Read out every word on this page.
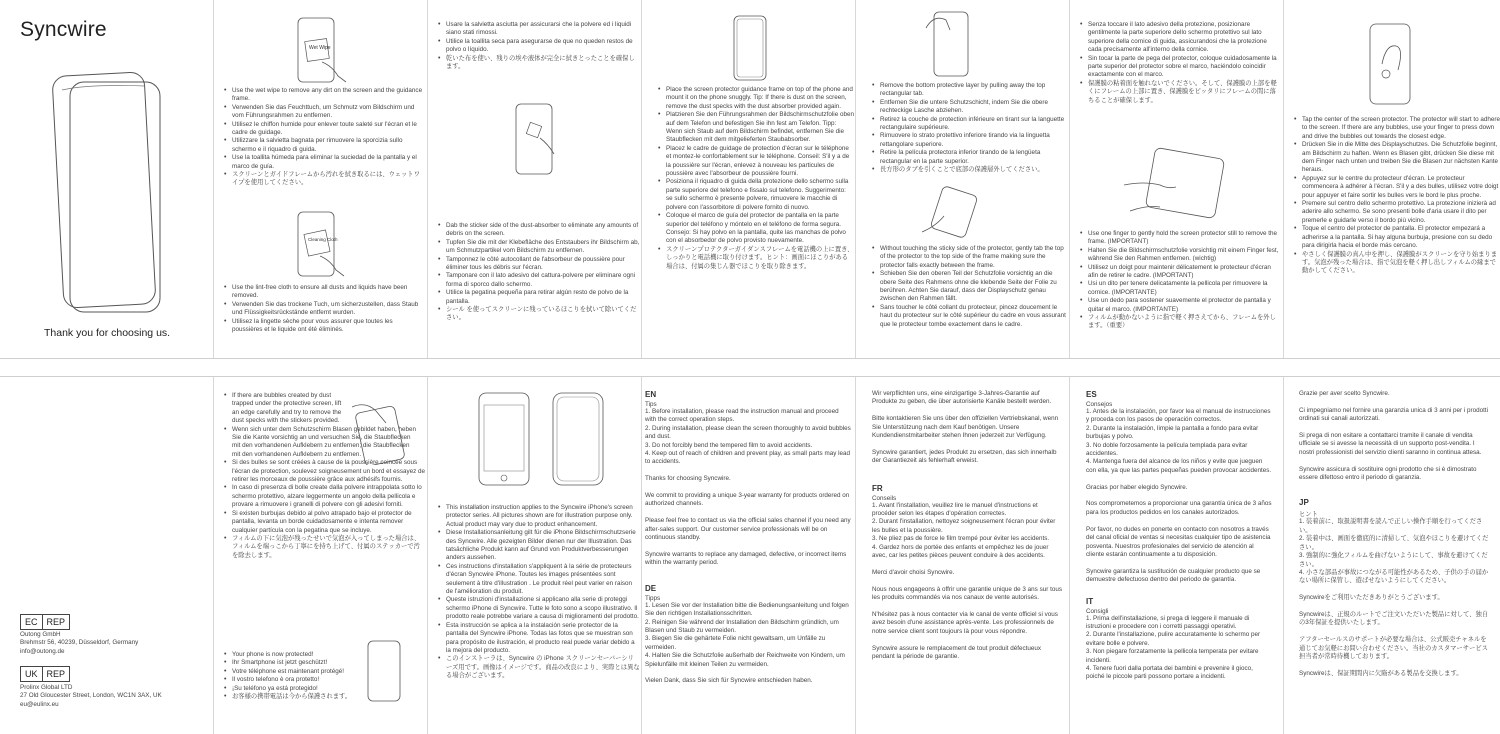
Syncwire
Thank you for choosing us.
Wet Wipe
• Use the wet wipe to remove any dirt on the screen and the guidance frame.
• Verwenden Sie das Feuchttuch, um Schmutz vom Bildschirm und vom Führungsrahmen zu entfernen.
• Utilisez le chiffon humide pour enlever toute saleté sur l'écran et le cadre de guidage.
• Utilizzare la salvietta bagnata per rimuovere la sporcizia sullo schermo e il riquadro di guida.
• Use la toallita húmeda para eliminar la suciedad de la pantalla y el marco de guía.
• スクリーンとガイドフレームから汚れを拭き取るには、ウェットワイプを使用してください。
Cleaning Cloth
• Use the lint-free cloth to ensure all dusts and liquids have been removed.
• Verwenden Sie das trockene Tuch, um sicherzustellen, dass Staub und Flüssigkeitsrückstände entfernt wurden.
• Utilisez la lingette sèche pour vous assurer que toutes les poussières et le liquide ont été éliminés.
• Usare la salvietta asciutta per assicurarsi che la polvere ed i liquidi siano stati rimossi.
• Utilice la toallita seca para asegurarse de que no queden restos de polvo o líquido.
• 乾いた布を使い、残りの埃や液体が完全に拭きとったことを確保します。
• Dab the sticker side of the dust-absorber to eliminate any amounts of debris on the screen.
• Tupfen Sie die mit der Klebefläche des Entstaubers ihr Bildschirm ab, um Schmutzpartikel vom Bildschirm zu entfernen.
• Tamponnez le côté autocollant de l'absorbeur de poussière pour éliminer tous les débris sur l'écran.
• Tamponare con il lato adesivo del cattura-polvere per eliminare ogni forma di sporco dallo schermo.
• Utilice la pegatina pequeña para retirar algún resto de polvo de la pantalla.
• シール を使ってスクリーンに残っているほこりを拭いて除いてください。
• Place the screen protector guidance frame on top of the phone and mount it on the phone snuggly. Tip: If there is dust on the screen, remove the dust specks with the dust absorber provided again.
• Platzieren Sie den Führungsrahmen der Bildschirmschutzfolie oben auf dem Telefon und befestigen Sie ihn fest am Telefon. Tipp: Wenn sich Staub auf dem Bildschirm befindet, entfernen Sie die Staubflecken mit dem mitgelieferten Staubabsorber.
• Placez le cadre de guidage de protection d'écran sur le téléphone et montez-le confortablement sur le téléphone. Conseil: S'il y a de la poussière sur l'écran, enlevez à nouveau les particules de poussière avec l'absorbeur de poussière fourni.
• Posiziona il riquadro di guida della protezione dello schermo sulla parte superiore del telefono e fissalo sul telefono. Suggerimento: se sullo schermo è presente polvere, rimuovere le macchie di polvere con l'assorbitore di polvere fornito di nuovo.
• Coloque el marco de guía del protector de pantalla en la parte superior del teléfono y móntelo en el teléfono de forma segura. Consejo: Si hay polvo en la pantalla, quite las manchas de polvo con el absorbedor de polvo provisto nuevamente.
• スクリーンプロテクターガイダンスフレームを電話機の上に置き、しっかりと電話機に取り付けます。ヒント：画面にほこりがある場合は、付属の集じん器でほこりを取り除きます。
• Remove the bottom protective layer by pulling away the top rectangular tab.
• Entfernen Sie die untere Schutzschicht, indem Sie die obere rechteckige Lasche abziehen.
• Retirez la couche de protection inférieure en tirant sur la languette rectangulaire supérieure.
• Rimuovere lo strato protettivo inferiore tirando via la linguetta rettangolare superiore.
• Retire la película protectora inferior tirando de la lengüeta rectangular en la parte superior.
• 長方形のタブを引くことで底部の保護層外してください。
• Without touching the sticky side of the protector, gently tab the top of the protector to the top side of the frame making sure the protector falls exactly between the frame.
• Schieben Sie den oberen Teil der Schutzfolie vorsichtig an die obere Seite des Rahmens ohne die klebende Seite der Folie zu berühren. Achten Sie darauf, dass der Displayschutz genau zwischen den Rahmen fällt.
• Sans toucher le côté collant du protecteur, pincez doucement le haut du protecteur sur le côté supérieur du cadre en vous assurant que le protecteur tombe exactement dans le cadre.
• Senza toccare il lato adesivo della protezione, posizionare gentilmente la parte superiore dello schermo protettivo sul lato superiore della cornice di guida, assicurandosi che la protezione cada precisamente all'interno della cornice.
• Sin tocar la parte de pega del protector, coloque cuidadosamente la parte superior del protector sobre el marco, haciéndolo coincidir exactamente con el marco.
• 保護膜の粘着面を触れないでください。そして、保護膜の上部を軽くにフレームの上部に置き、保護膜をピッタリにフレームの間に落ちることが確保します。
• Use one finger to gently hold the screen protector still to remove the frame. (IMPORTANT)
• Halten Sie die Bildschirmschutzfolie vorsichtig mit einem Finger fest, während Sie den Rahmen entfernen. (wichtig)
• Utilisez un doigt pour maintenir délicatement le protecteur d'écran afin de retirer le cadre. (IMPORTANT)
• Usi un dito per tenere delicatamente la pellicola per rimuovere la cornice. (IMPORTANTE)
• Use un dedo para sostener suavemente el protector de pantalla y quitar el marco. (IMPORTANTE)
• フィルムが動かないように指で軽く押さえてから、フレームを外します。（重要）
• Tap the center of the screen protector. The protector will start to adhere to the screen. If there are any bubbles, use your finger to press down and drive the bubbles out towards the closest edge.
• Drücken Sie in die Mitte des Displayschutzes. Die Schutzfolie beginnt, am Bildschirm zu haften. Wenn es Blasen gibt, drücken Sie diese mit dem Finger nach unten und treiben Sie die Blasen zur nächsten Kante heraus.
• Appuyez sur le centre du protecteur d'écran. Le protecteur commencera à adhérer à l'écran. S'il y a des bulles, utilisez votre doigt pour appuyer et faire sortir les bulles vers le bord le plus proche.
• Premere sul centro dello schermo protettivo. La protezione inizierà ad aderire allo schermo. Se sono presenti bolle d'aria usare il dito per premerle e guidarle verso il bordo più vicino.
• Toque el centro del protector de pantalla. El protector empezará a adherirse a la pantalla. Si hay alguna burbuja, presione con su dedo para dirigirla hacia el borde más cercano.
• やさしく保護膜の真ん中を押し、保護膜がスクリーンを守り始まります。気泡が残った場合は、指で気泡を軽く押し出しフィルムの縁まで動かしてください。
EC REP
Outong GmbH
Brehmstr 56, 40239, Düsseldorf, Germany
info@outong.de
UK REP
Prolinx Global LTD
27 Old Gloucester Street, London, WC1N 3AX, UK
eu@eulinx.eu
• If there are bubbles created by dust trapped under the protective screen, lift an edge carefully and try to remove the dust specks with the stickers provided.
• Wenn sich unter dem Schutzschirm Blasen gebildet haben, heben Sie die Kante vorsichtig an und versuchen Sie, die Staubflecken mit den vorhandenen Aufklebern zu entfernen; die Staubflecken mit den vorhandenen Aufklebern zu entfernen.
• Si des bulles se sont créées à cause de la poussière coincée sous l'écran de protection, soulevez soigneusement un bord et essayez de retirer les morceaux de poussière grâce aux adhésifs fournis.
• In caso di presenza di bolle create dalla polvere intrappolata sotto lo schermo protettivo, alzare leggermente un angolo della pellicola e provare a rimuovere i granelli di polvere con gli adesivi forniti.
• Si existen burbujas debido al polvo atrapado bajo el protector de pantalla, levanta un borde cuidadosamente e intenta remover cualquier partícula con la pegatina que se incluye.
• フィルムの下に気泡が残ったせいで気泡が入ってしまった場合は、フィルムを端っこから丁寧にを持ち上げて、付属のステッカーで汚を除去します。
• Your phone is now protected!
• Ihr Smartphone ist jetzt geschützt!
• Votre téléphone est maintenant protégé!
• Il vostro telefono è ora protetto!
• ¡Su teléfono ya está protegido!
• お客様の携帯電話は今から保護されます。
• This installation instruction applies to the Syncwire iPhone's screen protector series. All pictures shown are for illustration purpose only. Actual product may vary due to product enhancement.
• Diese Installationsanleitung gilt für die iPhone Bildschirmschutzserie des Syncwire. Alle gezeigten Bilder dienen nur der Illustration. Das tatsächliche Produkt kann auf Grund von Produktverbesserungen anders aussehen.
• Ces instructions d'installation s'appliquent à la série de protecteurs d'écran Syncwire iPhone. Toutes les images présentées sont seulement à titre d'illustration . Le produit réel peut varier en raison de l'amélioration du produit.
• Queste istruzioni d'installazione si applicano alla serie di proteggi schermo iPhone di Syncwire. Tutte le foto sono a scopo illustrativo. Il prodotto reale potrebbe variare a causa di miglioramenti del prodotto.
• Esta instrucción se aplica a la instalación serie protector de la pantalla del Syncwire iPhone. Todas las fotos que se muestran son para propósito de ilustración, el producto real puede variar debido a la mejora del producto.
• このインストーラは、Syncwire の iPhone スクリーンセーバーシリーズ用です。画像はイメージです。商品の改良により、実際とは異なる場合がございます。
EN
Tips

1. Before installation, please read the instruction manual and proceed with the correct operation steps.
2. During installation, please clean the screen thoroughly to avoid bubbles and dust.
3. Do not forcibly bend the tempered film to avoid accidents.
4. Keep out of reach of children and prevent play, as small parts may lead to accidents.

Thanks for choosing Syncwire.

We commit to providing a unique 3-year warranty for products ordered on authorized channels.

Please feel free to contact us via the official sales channel if you need any after-sales support. Our customer service professionals will be on continuous standby.

Syncwire warrants to replace any damaged, defective, or incorrect items within the warranty period.

DE
Tipps

1. Lesen Sie vor der Installation bitte die Bedienungsanleitung und folgen Sie den richtigen Installationsschritten.
2. Reinigen Sie während der Installation den Bildschirm gründlich, um Blasen und Staub zu vermeiden.
3. Biegen Sie die gehärtete Folie nicht gewaltsam, um Unfälle zu vermeiden.
4. Halten Sie die Schutzfolie außerhalb der Reichweite von Kindern, um Spielunfälle mit kleinen Teilen zu vermeiden.

Vielen Dank, dass Sie sich für Syncwire entschieden haben.

Wir verpflichten uns, eine einzigartige 3-Jahres-Garantie auf Produkte zu geben, die über autorisierte Kanäle bestellt werden.

Bitte kontaktieren Sie uns über den offiziellen Vertriebskanal, wenn Sie Unterstützung nach dem Kauf benötigen. Unsere Kundendienstmitarbeiter stehen Ihnen jederzeit zur Verfügung.

Syncwire garantiert, jedes Produkt zu ersetzen, das sich innerhalb der Garantiezeit als fehlerhaft erweist.

FR
Conseils

1. Avant l'installation, veuillez lire le manuel d'instructions et procéder selon les étapes d'opération correctes.
2. Durant l'installation, nettoyez soigneusement l'écran pour éviter les bulles et la poussière.
3. Ne pliez pas de force le film trempé pour éviter les accidents.
4. Gardez hors de portée des enfants et empêchez les de jouer avec, car les petites pièces peuvent conduire à des accidents.

Merci d'avoir choisi Syncwire.

Nous nous engageons à offrir une garantie unique de 3 ans sur tous les produits commandés via nos canaux de vente autorisés.

N'hésitez pas à nous contacter via le canal de vente officiel si vous avez besoin d'une assistance après-vente. Les professionnels de notre service client sont toujours là pour vous répondre.

Syncwire assure le remplacement de tout produit défectueux pendant la période de garantie.

ES
Consejos

1. Antes de la instalación, por favor lea el manual de instrucciones y proceda con los pasos de operación correctos.
2. Durante la instalación, limpie la pantalla a fondo para evitar burbujas y polvo.
3. No doble forzosamente la película templada para evitar accidentes.
4. Mantenga fuera del alcance de los niños y evite que jueguen con ella, ya que las partes pequeñas pueden provocar accidentes.

Gracias por haber elegido Syncwire.

Nos comprometemos a proporcionar una garantía única de 3 años para los productos pedidos en los canales autorizados.

Por favor, no dudes en ponerte en contacto con nosotros a través del canal oficial de ventas si necesitas cualquier tipo de asistencia posventa. Nuestros profesionales del servicio de atención al cliente estarán continuamente a tu disposición.

Syncwire garantiza la sustitución de cualquier producto que se demuestre defectuoso dentro del periodo de garantía.

IT
Consigli

1. Prima dell'installazione, si prega di leggere il manuale di istruzioni e procedere con i corretti passaggi operativi.
2. Durante l'installazione, pulire accuratamente lo schermo per evitare bolle e polvere.
3. Non piegare forzatamente la pellicola temperata per evitare incidenti.
4. Tenere fuori dalla portata dei bambini e prevenire il gioco, poiché le piccole parti possono portare a incidenti.

Grazie per aver scelto Syncwire.

Ci impegniamo nel fornire una garanzia unica di 3 anni per i prodotti ordinati sui canali autorizzati.

Si prega di non esitare a contattarci tramite il canale di vendita ufficiale se si avesse la necessità di un supporto post-vendita. I nostri professionisti del servizio clienti saranno in continua attesa.

Syncwire assicura di sostituire ogni prodotto che si è dimostrato essere difettoso entro il periodo di garanzia.

JP
ヒント

1. 装着前に、取扱説明書を読んで正しい操作手順を行ってください。
2. 装着中は、画面を徹底的に清掃して、気泡やほこりを避けてください。
3. 強制的に強化フィルムを曲げないようにして、事故を避けてください。
4. 小さな部品が事故につながる可能性があるため、子供の手の届かない場所に保管し、遊ばせないようにしてください。

Syncwireをご利用いただきありがとうございます。

Syncwireは、正規のルートでご注文いただいた製品に対して、独自の3年保証を提供いたします。

アフターセールスのサポートが必要な場合は、公式販売チャネルを通じてお気軽にお問い合わせください。当社のカスタマーサービス担当者が常時待機しております。

Syncwireは、保証期間内に欠陥がある製品を交換します。
